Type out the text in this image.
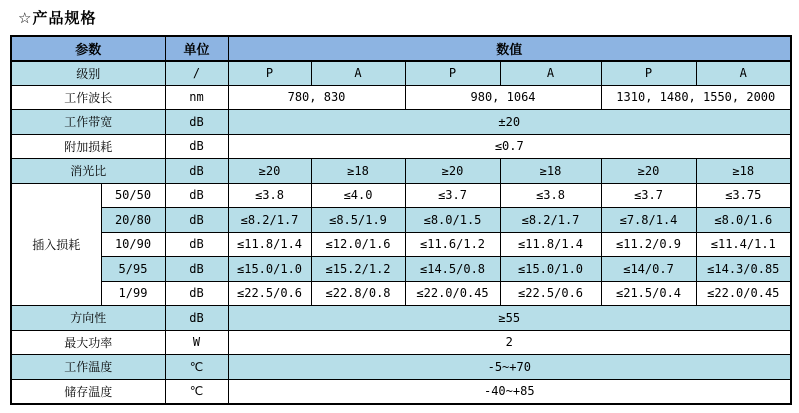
☆产品规格
参数		单位	数值					
级别		/	P	A	P	A	P	A
工作波长		nm	780, 830		980, 1064		1310, 1480, 1550, 2000	
工作带宽		dB	±20					
附加损耗		dB	≤0.7					
消光比		dB	≥20	≥18	≥20	≥18	≥20	≥18
插入损耗	50/50	dB	≤3.8	≤4.0	≤3.7	≤3.8	≤3.7	≤3.75
	20/80	dB	≤8.2/1.7	≤8.5/1.9	≤8.0/1.5	≤8.2/1.7	≤7.8/1.4	≤8.0/1.6
	10/90	dB	≤11.8/1.4	≤12.0/1.6	≤11.6/1.2	≤11.8/1.4	≤11.2/0.9	≤11.4/1.1
	5/95	dB	≤15.0/1.0	≤15.2/1.2	≤14.5/0.8	≤15.0/1.0	≤14/0.7	≤14.3/0.85
	1/99	dB	≤22.5/0.6	≤22.8/0.8	≤22.0/0.45	≤22.5/0.6	≤21.5/0.4	≤22.0/0.45
方向性		dB	≥55					
最大功率		W	2					
工作温度		℃	-5~+70					
储存温度		℃	-40~+85					
